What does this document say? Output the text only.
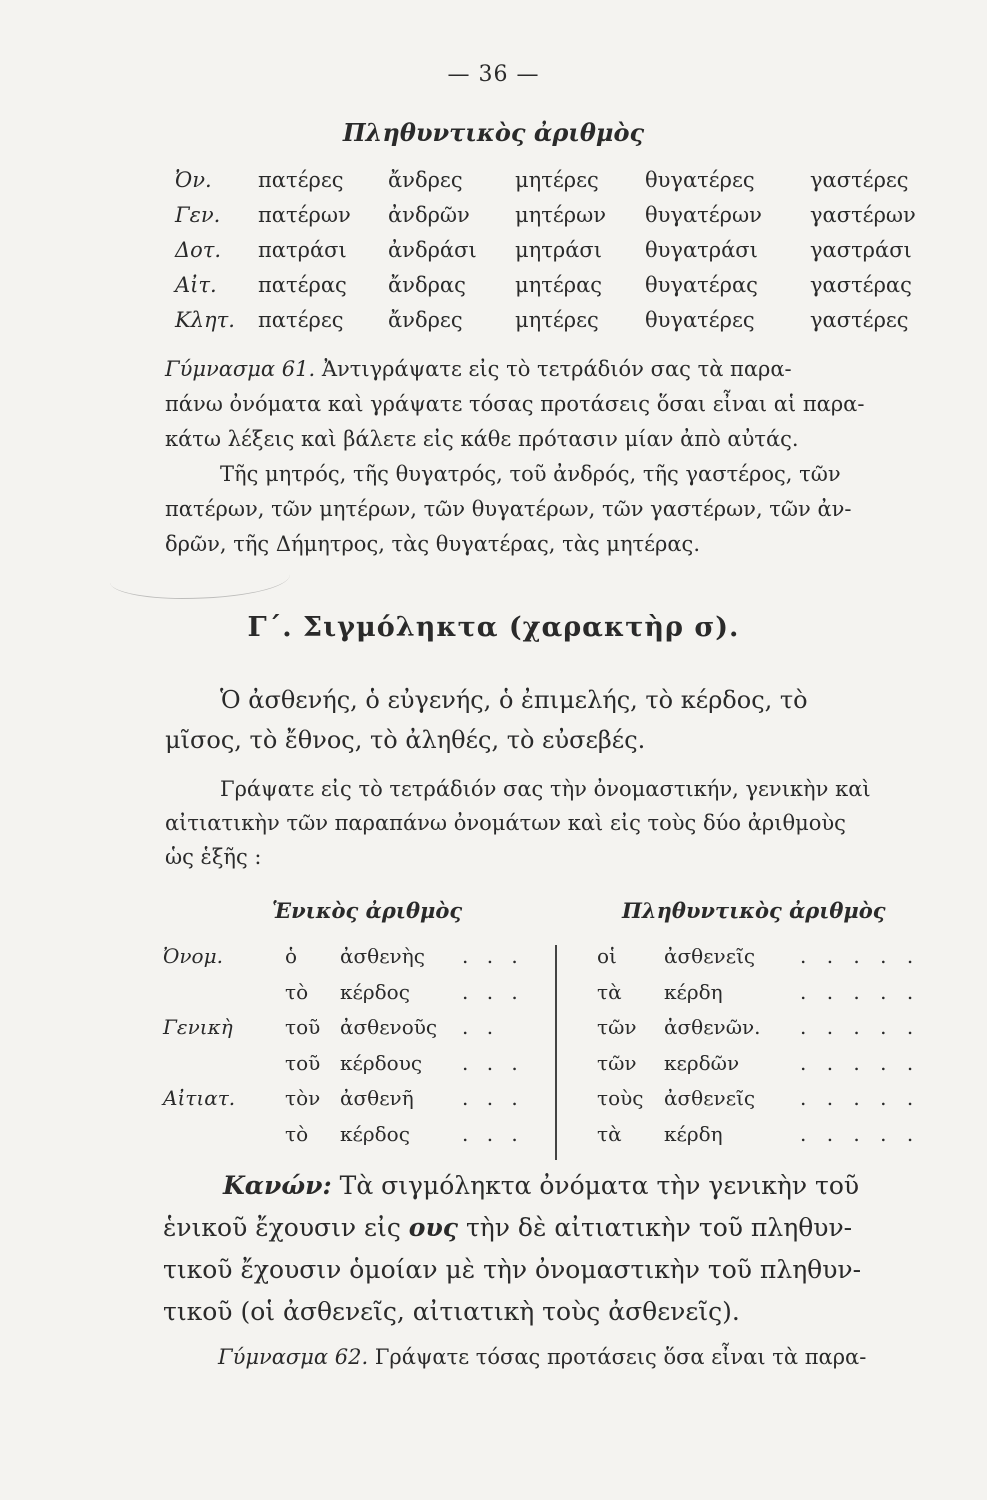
— 36 —
Πληθυντικὸς ἀριθμὸς
Ὀν. πατέρες ἄνδρες μητέρες θυγατέρες	γαστέρες
Γεν. πατέρων ἀνδρῶν μητέρων θυγατέρων γαστέρων
Δοτ. πατράσι ἀνδράσι μητράσι θυγατράσι γαστράσι
Αἰτ. πατέρας ἄνδρας μητέρας θυγατέρας γαστέρας
Κλητ. πατέρες ἄνδρες μητέρες θυγατέρες	γαστέρες
Γύμνασμα 61. Ἀντιγράψατε εἰς τὸ τετράδιόν σας τὰ παρα-
πάνω ὀνόματα καὶ γράψατε τόσας προτάσεις ὅσαι εἶναι αἱ παρα-
κάτω λέξεις καὶ βάλετε εἰς κάθε πρότασιν μίαν ἀπὸ αὐτάς.
Τῆς μητρός, τῆς θυγατρός, τοῦ ἀνδρός, τῆς γαστέρος, τῶν
πατέρων, τῶν μητέρων, τῶν θυγατέρων, τῶν γαστέρων, τῶν ἀν-
δρῶν, τῆς Δήμητρος, τὰς θυγατέρας, τὰς μητέρας.
Γ΄. Σιγμόληκτα (χαρακτὴρ σ).
Ὁ ἀσθενής, ὁ εὐγενής, ὁ ἐπιμελής, τὸ κέρδος, τὸ
μῖσος, τὸ ἔθνος, τὸ ἀληθές, τὸ εὐσεβές.
Γράψατε εἰς τὸ τετράδιόν σας τὴν ὀνομαστικήν, γενικὴν καὶ
αἰτιατικὴν τῶν παραπάνω ὀνομάτων καὶ εἰς τοὺς δύο ἀριθμοὺς
ὡς ἑξῆς :
Ἑνικὸς ἀριθμὸς	Πληθυντικὸς ἀριθμὸς
Ὀνομ.	ὁ ἀσθενὴς . . .	οἱ ἀσθενεῖς . . . . .
τὸ κέρδος	. . .	τὰ κέρδη	. . . . .
Γενικὴ	τοῦ ἀσθενοῦς . .	τῶν ἀσθενῶν. . . . . .
τοῦ κέρδους . . .	τῶν κερδῶν	. . . . .
Αἰτιατ. τὸν ἀσθενῆ . . .	τοὺς ἀσθενεῖς . . . . .
τὸ κέρδος	. . .	τὰ κέρδη	. . . . .
Κανών: Τὰ σιγμόληκτα ὀνόματα τὴν γενικὴν τοῦ
ἑνικοῦ ἔχουσιν εἰς ους τὴν δὲ αἰτιατικὴν τοῦ πληθυν-
τικοῦ ἔχουσιν ὁμοίαν μὲ τὴν ὀνομαστικὴν τοῦ πληθυν-
τικοῦ (οἱ ἀσθενεῖς, αἰτιατικὴ τοὺς ἀσθενεῖς).
Γύμνασμα 62. Γράψατε τόσας προτάσεις ὅσα εἶναι τὰ παρα-
